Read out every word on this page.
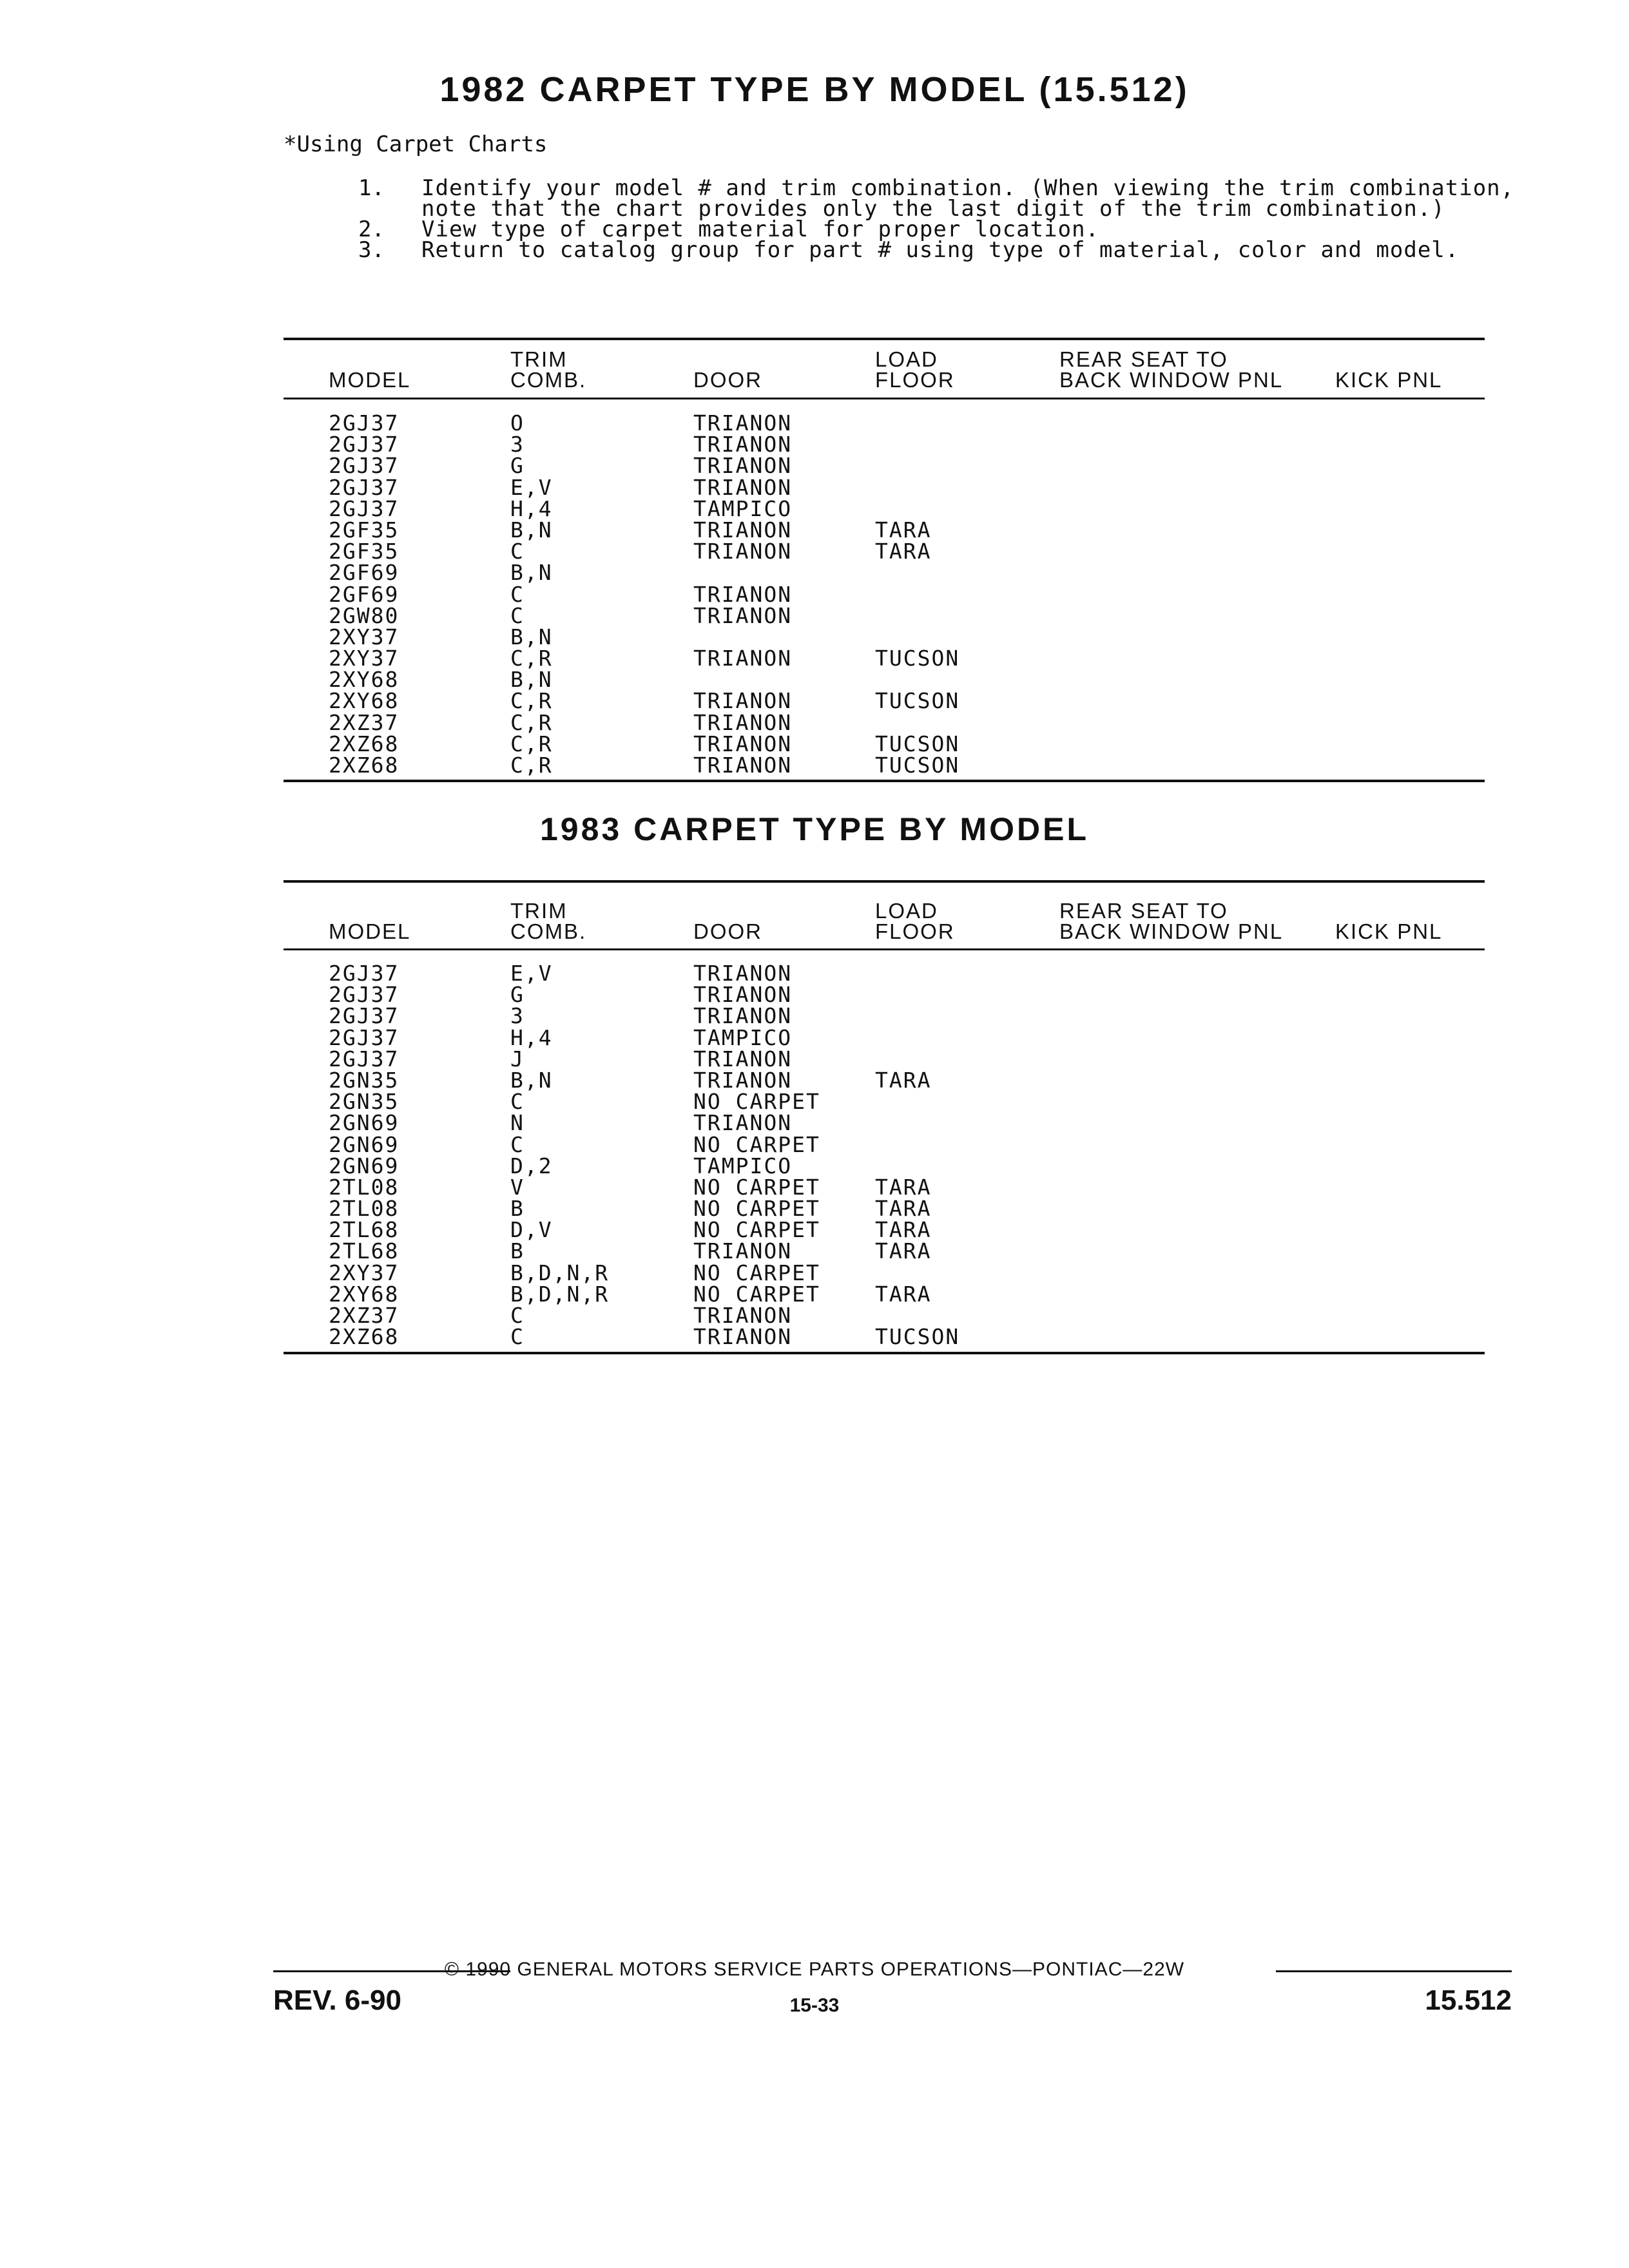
1982 CARPET TYPE BY MODEL (15.512)
*Using Carpet Charts
1.	Identify your model # and trim combination. (When viewing the trim combination, note that the chart provides only the last digit of the trim combination.)
2.	View type of carpet material for proper location.
3.	Return to catalog group for part # using type of material, color and model.
TRIM	LOAD	REAR SEAT TO
MODEL	COMB.	DOOR	FLOOR	BACK WINDOW PNL KICK PNL
2GJ37	O	TRIANON
2GJ37	3	TRIANON
2GJ37	G	TRIANON
2GJ37	E,V	TRIANON
2GJ37	H,4	TAMPICO
2GF35	B,N	TRIANON	TARA
2GF35	C	TRIANON	TARA
2GF69	B,N
2GF69	C	TRIANON
2GW80	C	TRIANON
2XY37	B,N
2XY37	C,R	TRIANON	TUCSON
2XY68	B,N
2XY68	C,R	TRIANON	TUCSON
2XZ37	C,R	TRIANON
2XZ68	C,R	TRIANON	TUCSON
2XZ68	C,R	TRIANON	TUCSON
1983 CARPET TYPE BY MODEL
TRIM	LOAD	REAR SEAT TO
MODEL	COMB.	DOOR	FLOOR	BACK WINDOW PNL KICK PNL
2GJ37	E,V	TRIANON
2GJ37	G	TRIANON
2GJ37	3	TRIANON
2GJ37	H,4	TAMPICO
2GJ37	J	TRIANON
2GN35	B,N	TRIANON	TARA
2GN35	C	NO CARPET
2GN69	N	TRIANON
2GN69	C	NO CARPET
2GN69	D,2	TAMPICO
2TL08	V	NO CARPET	TARA
2TL08	B	NO CARPET	TARA
2TL68	D,V	NO CARPET	TARA
2TL68	B	TRIANON	TARA
2XY37	B,D,N,R	NO CARPET
2XY68	B,D,N,R	NO CARPET	TARA
2XZ37	C	TRIANON
2XZ68	C	TRIANON	TUCSON
© 1990 GENERAL MOTORS SERVICE PARTS OPERATIONS—PONTIAC—22W
15-33
REV. 6-90	15.512
